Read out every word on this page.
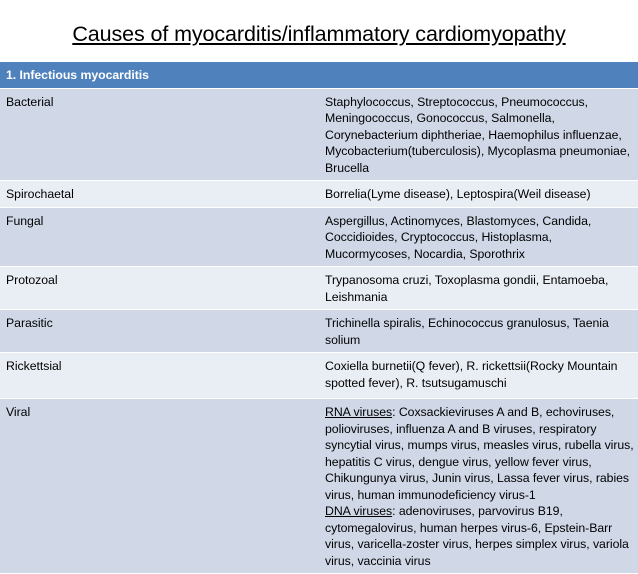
Causes of myocarditis/inflammatory cardiomyopathy
1. Infectious myocarditis	
Bacterial	Staphylococcus, Streptococcus, Pneumococcus, Meningococcus, Gonococcus, Salmonella, Corynebacterium diphtheriae, Haemophilus influenzae, Mycobacterium(tuberculosis), Mycoplasma pneumoniae, Brucella
Spirochaetal	Borrelia(Lyme disease), Leptospira(Weil disease)
Fungal	Aspergillus, Actinomyces, Blastomyces, Candida, Coccidioides, Cryptococcus, Histoplasma, Mucormycoses, Nocardia, Sporothrix
Protozoal	Trypanosoma cruzi, Toxoplasma gondii, Entamoeba, Leishmania
Parasitic	Trichinella spiralis, Echinococcus granulosus, Taenia solium
Rickettsial	Coxiella burnetii(Q fever), R. rickettsii(Rocky Mountain spotted fever), R. tsutsugamuschi
Viral	RNA viruses: Coxsackieviruses A and B, echoviruses, polioviruses, influenza A and B viruses, respiratory syncytial virus, mumps virus, measles virus, rubella virus, hepatitis C virus, dengue virus, yellow fever virus, Chikungunya virus, Junin virus, Lassa fever virus, rabies virus, human immunodeficiency virus-1
DNA viruses: adenoviruses, parvovirus B19, cytomegalovirus, human herpes virus-6, Epstein-Barr virus, varicella-zoster virus, herpes simplex virus, variola virus, vaccinia virus
